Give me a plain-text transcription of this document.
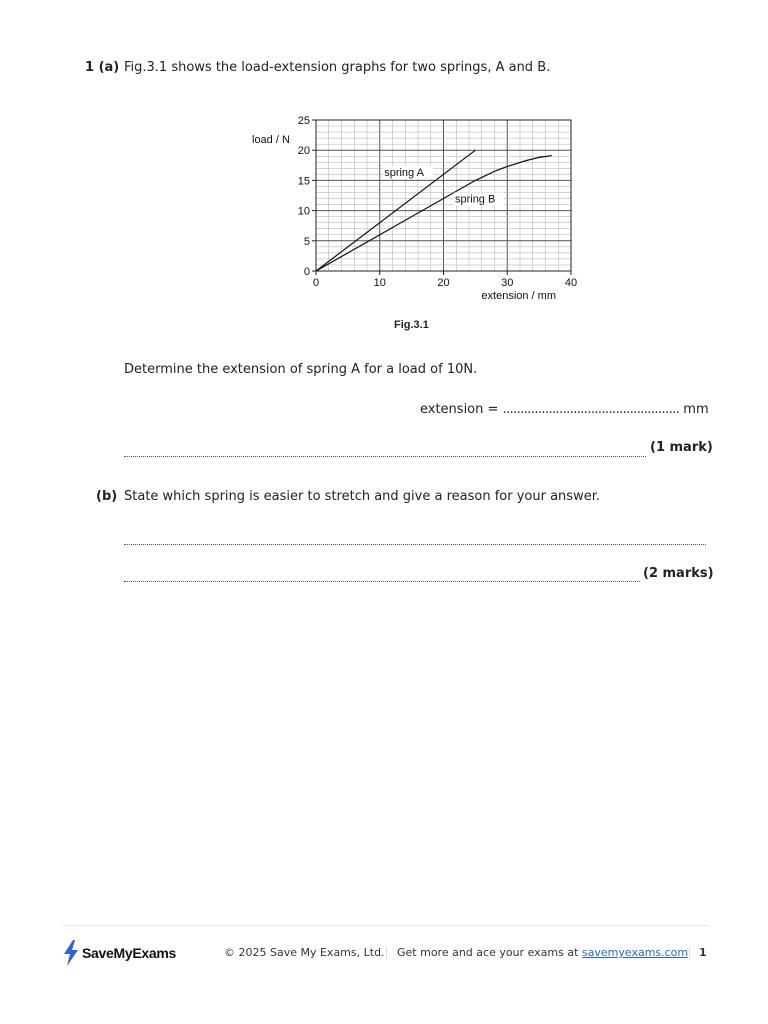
1 (a) Fig.3.1 shows the load-extension graphs for two springs, A and B.
0	10	20	30	40
0
5
10
15
20
25
extension / mm
load / N
spring A
spring B
Fig.3.1
Determine the extension of spring A for a load of 10N.
extension = .................................................. mm
(1 mark)
(b) State which spring is easier to stretch and give a reason for your answer.
(2 marks)
SaveMyExams	© 2025 Save My Exams, Ltd. Get more and ace your exams at savemyexams.com 1
